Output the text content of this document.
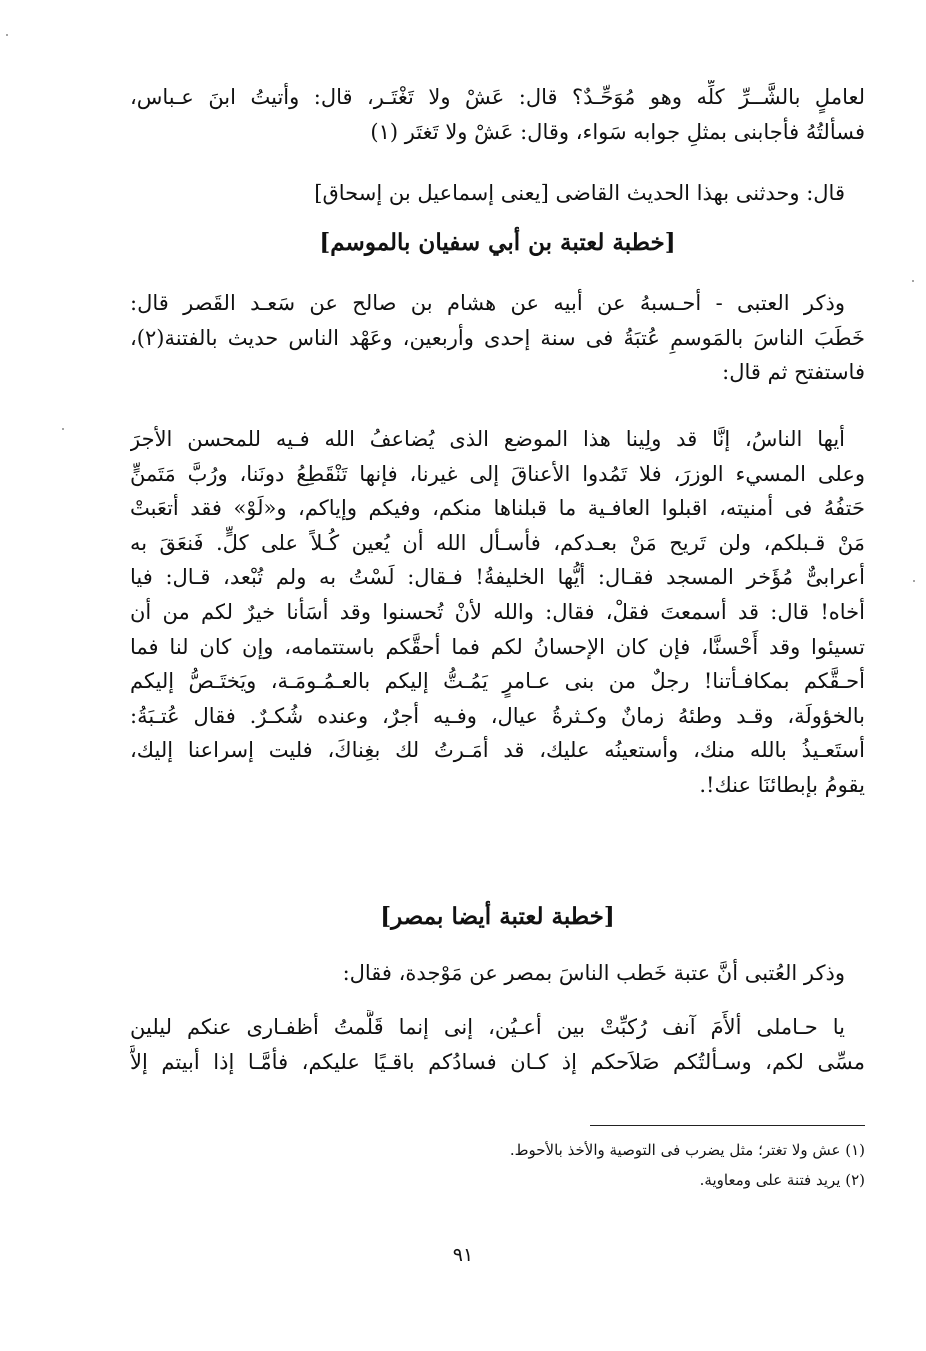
لعاملٍ بالشَّــرِّ كلِّه وهو مُوَحِّـدٌ؟ قال: عَشْ ولا تَغْتَـر، قال: وأتيتُ ابنَ عـباس،
فسألتُهُ فأجابنى بمثلِ جوابه سَواء، وقال: عَشْ ولا تَغتَر (١)
قال: وحدثنى بهذا الحديث القاضى [يعنى إسماعيل بن إسحاق]
[خطبة لعتبة بن أبي سفيان بالموسم]
وذكر العتبى - أحـسبهُ عن أبيه عن هشام بن صالح عن سَعـد القَصر قال:
خَطَبَ الناسَ بالمَوسمِ عُتبَةُ فى سنة إحدى وأربعين، وعَهْد الناس حديث بالفتنة(٢)،
فاستفتح ثم قال:
أيها الناسُ، إنَّا قد ولِينا هذا الموضع الذى يُضاعفُ الله فـيه للمحسن الأجرَ
وعلى المسيء الوزرَ، فلا تَمُدوا الأعناقَ إلى غيرنا، فإنها تَنْقَطِعُ دونَنا، ورُبَّ مَتَمنٍّ
حَتفُهُ فى أمنيته، اقبلوا العافـية ما قبلناها منكم، وفيكم وإياكم، و«لَوْ» فقد أتعَبتْ
مَنْ قـبلكم، ولن تَريح مَنْ بعـدكم، فأسـأل الله أن يُعين كُـلاً على كلٍّ. فَنعَقَ به
أعرابىٌّ مُؤَخر المسجد فقـال: أيُّها الخليفةُ! فـقال: لَسْتُ به ولم تُبْعد، قـال: فيا
أخاه! قال: قد أسمعتَ فقلْ، فقال: والله لأنْ تُحسنوا وقد أسَأنا خيرٌ لكم من أن
تسيئوا وقد أَحْسنَّا، فإن كان الإحسانُ لكم فما أحقَّكم باستتمامه، وإن كان لنا فما
أحـقَّكم بمكافـأتنا! رجلٌ من بنى عـامرٍ يَمُـتُّ إليكم بالعـمُـومَـة، ويَختَـصُّ إليكم
بالخؤولَة، وقـد وطئهُ زمانٌ وكـثرةُ عيال، وفـيه أجرٌ، وعنده شُكـرٌ. فقال عُتـبَةُ:
أستَعـيذُ بالله منك، وأستعينُه عليك، قد أمَـرتُ لك بغِناكَ، فليت إسراعنا إليك،
يقومُ بإبطائنَا عنك!.
[خطبة لعتبة أيضا بمصر]
وذكر العُتبى أنَّ عتبة خَطب الناسَ بمصر عن مَوْجدة، فقال:
يا حـاملى ألأَمَ آنف رُكبِّتْ بين أعـيُن، إنى إنما قَلَّمتُ أظفـارى عنكم ليلين
مسِّى لكم، وسـألتُكم صَلاَحكم إذ كـان فسادُكم باقـيًا عليكم، فأمَّـا إذا أبيتم إلاَّ
(١) عش ولا تغتر؛ مثل يضرب فى التوصية والأخذ بالأحوط.
(٢) يريد فتنة على ومعاوية.
٩١
